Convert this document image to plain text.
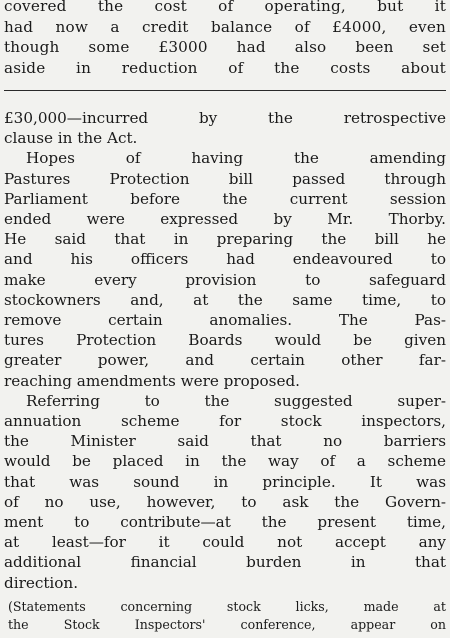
covered the cost of operating, but it
had now a credit balance of £4000, even
though some £3000 had also been set
aside in reduction of the costs about
£30,000—incurred by the retrospective
clause in the Act.
Hopes of having the amending
Pastures Protection bill passed through
Parliament before the current session
ended were expressed by Mr. Thorby.
He said that in preparing the bill he
and his officers had endeavoured to
make every provision to safeguard
stockowners and, at the same time, to
remove certain anomalies. The Pas-
tures Protection Boards would be given
greater power, and certain other far-
reaching amendments were proposed.
Referring to the suggested super-
annuation scheme for stock inspectors,
the Minister said that no barriers
would be placed in the way of a scheme
that was sound in principle. It was
of no use, however, to ask the Govern-
ment to contribute—at the present time,
at least—for it could not accept any
additional financial burden in that
direction.
(Statements concerning stock licks, made at
the Stock Inspectors' conference, appear on
